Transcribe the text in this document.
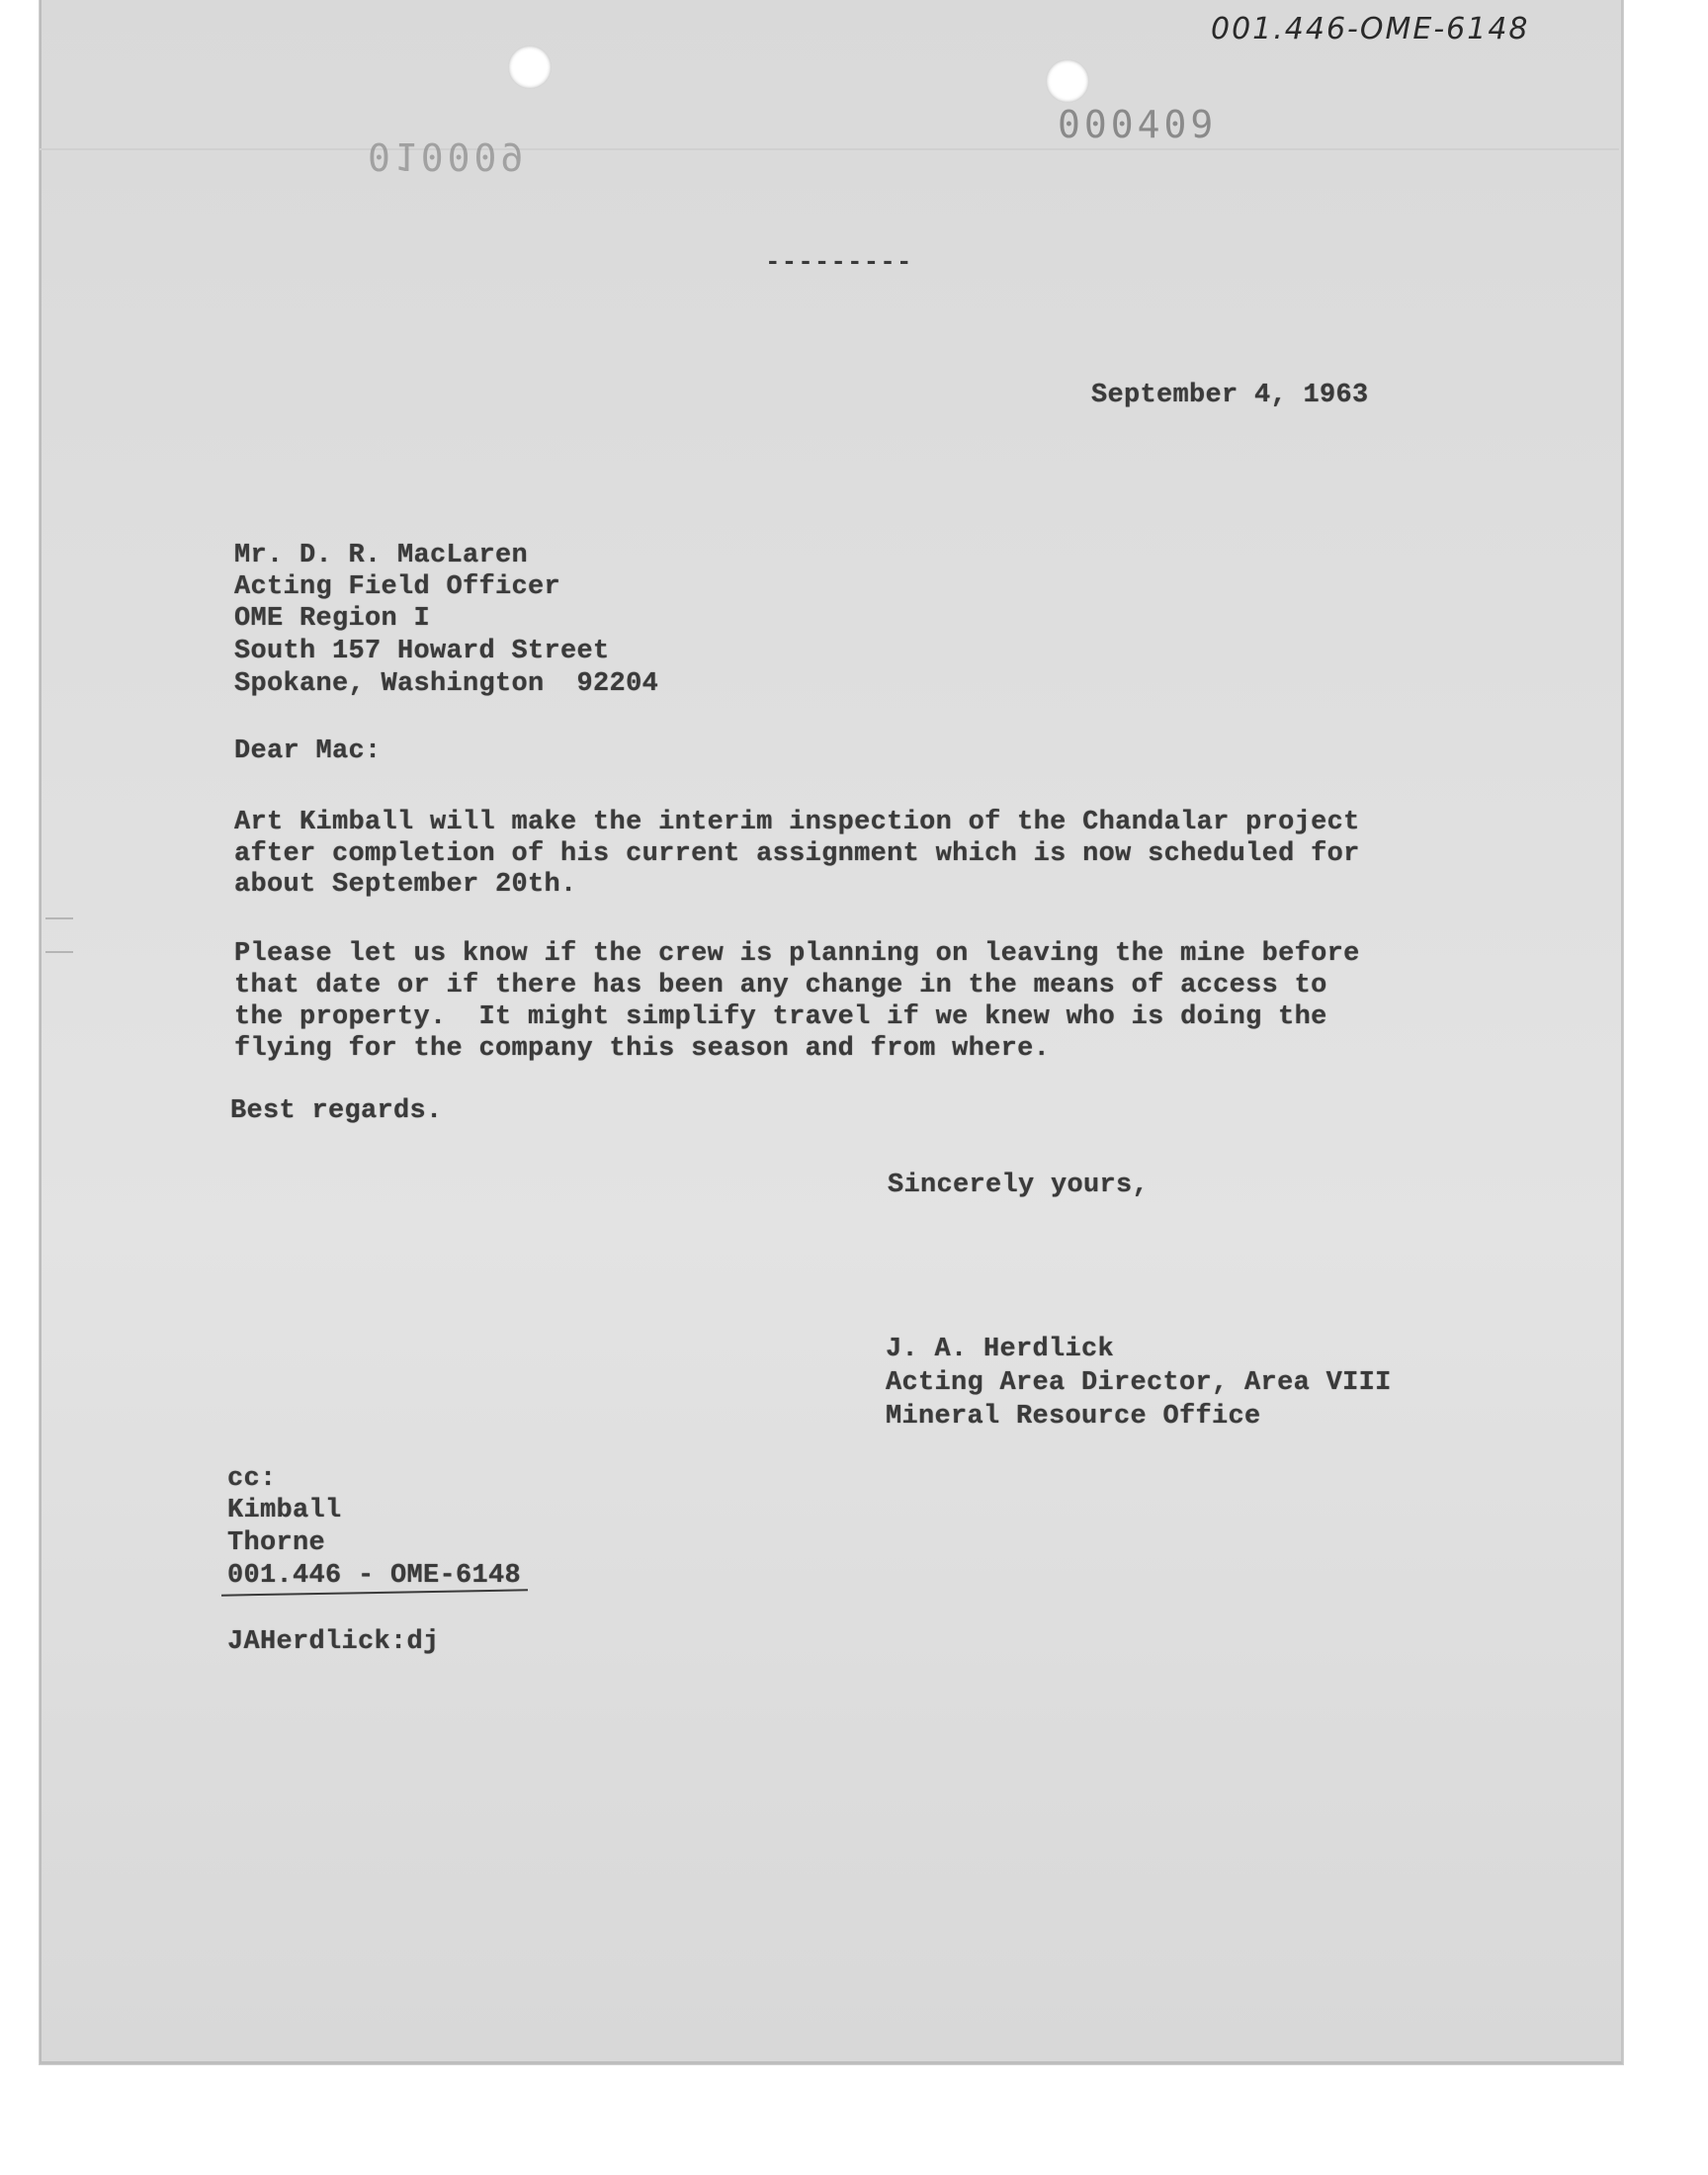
001.446-OME-6148
010009
000409
---------
September 4, 1963
Mr. D. R. MacLaren
Acting Field Officer
OME Region I
South 157 Howard Street
Spokane, Washington  92204
Dear Mac:
Art Kimball will make the interim inspection of the Chandalar project
after completion of his current assignment which is now scheduled for
about September 20th.
Please let us know if the crew is planning on leaving the mine before
that date or if there has been any change in the means of access to
the property.  It might simplify travel if we knew who is doing the
flying for the company this season and from where.
Best regards.
Sincerely yours,
J. A. Herdlick
Acting Area Director, Area VIII
Mineral Resource Office
cc:
Kimball
Thorne
001.446 - OME-6148
JAHerdlick:dj
